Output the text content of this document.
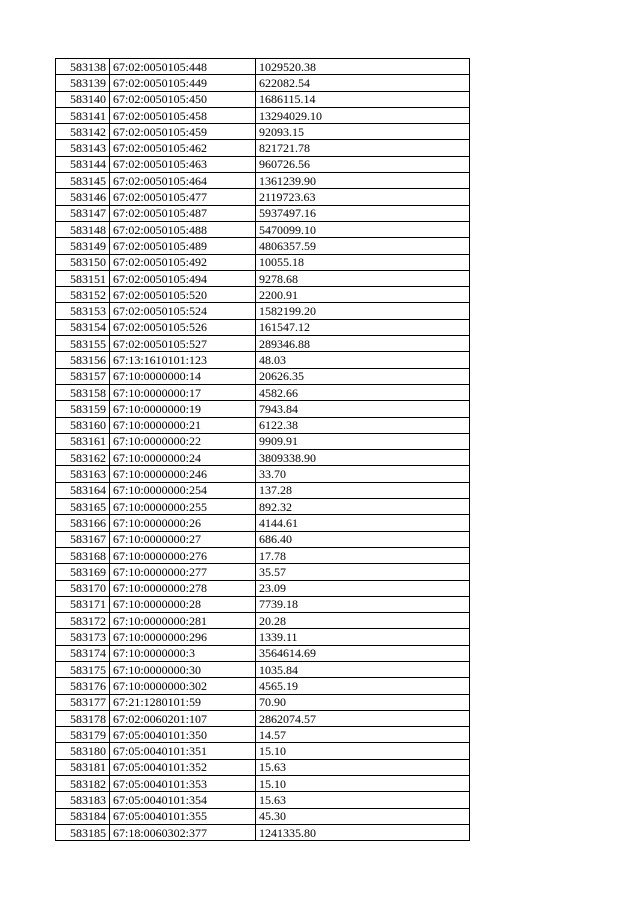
583138	67:02:0050105:448	1029520.38
583139	67:02:0050105:449	622082.54
583140	67:02:0050105:450	1686115.14
583141	67:02:0050105:458	13294029.10
583142	67:02:0050105:459	92093.15
583143	67:02:0050105:462	821721.78
583144	67:02:0050105:463	960726.56
583145	67:02:0050105:464	1361239.90
583146	67:02:0050105:477	2119723.63
583147	67:02:0050105:487	5937497.16
583148	67:02:0050105:488	5470099.10
583149	67:02:0050105:489	4806357.59
583150	67:02:0050105:492	10055.18
583151	67:02:0050105:494	9278.68
583152	67:02:0050105:520	2200.91
583153	67:02:0050105:524	1582199.20
583154	67:02:0050105:526	161547.12
583155	67:02:0050105:527	289346.88
583156	67:13:1610101:123	48.03
583157	67:10:0000000:14	20626.35
583158	67:10:0000000:17	4582.66
583159	67:10:0000000:19	7943.84
583160	67:10:0000000:21	6122.38
583161	67:10:0000000:22	9909.91
583162	67:10:0000000:24	3809338.90
583163	67:10:0000000:246	33.70
583164	67:10:0000000:254	137.28
583165	67:10:0000000:255	892.32
583166	67:10:0000000:26	4144.61
583167	67:10:0000000:27	686.40
583168	67:10:0000000:276	17.78
583169	67:10:0000000:277	35.57
583170	67:10:0000000:278	23.09
583171	67:10:0000000:28	7739.18
583172	67:10:0000000:281	20.28
583173	67:10:0000000:296	1339.11
583174	67:10:0000000:3	3564614.69
583175	67:10:0000000:30	1035.84
583176	67:10:0000000:302	4565.19
583177	67:21:1280101:59	70.90
583178	67:02:0060201:107	2862074.57
583179	67:05:0040101:350	14.57
583180	67:05:0040101:351	15.10
583181	67:05:0040101:352	15.63
583182	67:05:0040101:353	15.10
583183	67:05:0040101:354	15.63
583184	67:05:0040101:355	45.30
583185	67:18:0060302:377	1241335.80
